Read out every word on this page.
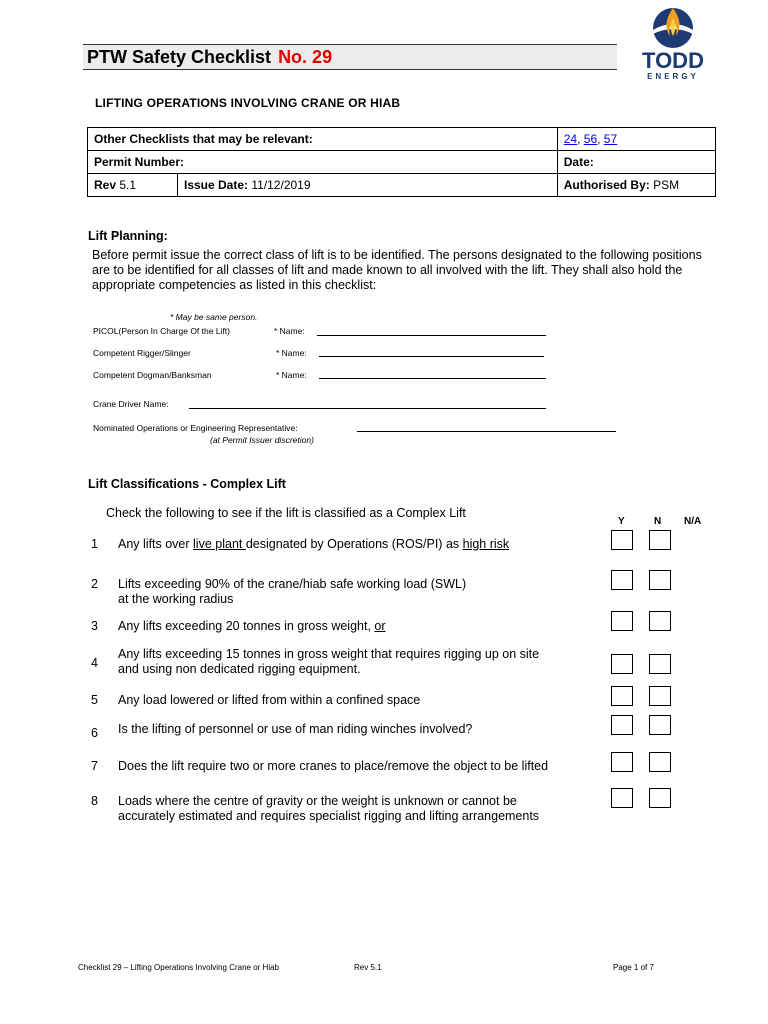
PTW Safety Checklist No. 29	TODD
ENERGY
LIFTING OPERATIONS INVOLVING CRANE OR HIAB
Other Checklists that may be relevant:		24, 56, 57
Permit Number:		Date:
Rev 5.1	Issue Date: 11/12/2019	Authorised By: PSM
Lift Planning:
Before permit issue the correct class of lift is to be identified. The persons designated to the following positions are to be identified for all classes of lift and made known to all involved with the lift. They shall also hold the appropriate competencies as listed in this checklist:
* May be same person.
PICOL(Person In Charge Of the Lift)	* Name:
Competent Rigger/Slinger	* Name:
Competent Dogman/Banksman	* Name:
Crane Driver Name:
Nominated Operations or Engineering Representative:
(at Permit Issuer discretion)
Lift Classifications - Complex Lift
Check the following to see if the lift is classified as a Complex Lift
Y	N N/A
1 Any lifts over live plant designated by Operations (ROS/PI) as high risk
2 Lifts exceeding 90% of the crane/hiab safe working load (SWL)
at the working radius
3 Any lifts exceeding 20 tonnes in gross weight, or
4
Any lifts exceeding 15 tonnes in gross weight that requires rigging up on site
and using non dedicated rigging equipment.
5 Any load lowered or lifted from within a confined space
6 Is the lifting of personnel or use of man riding winches involved?
7 Does the lift require two or more cranes to place/remove the object to be lifted
8 Loads where the centre of gravity or the weight is unknown or cannot be
accurately estimated and requires specialist rigging and lifting arrangements
Checklist 29 – Lifting Operations Involving Crane or Hiab	Rev 5.1	Page 1 of 7
